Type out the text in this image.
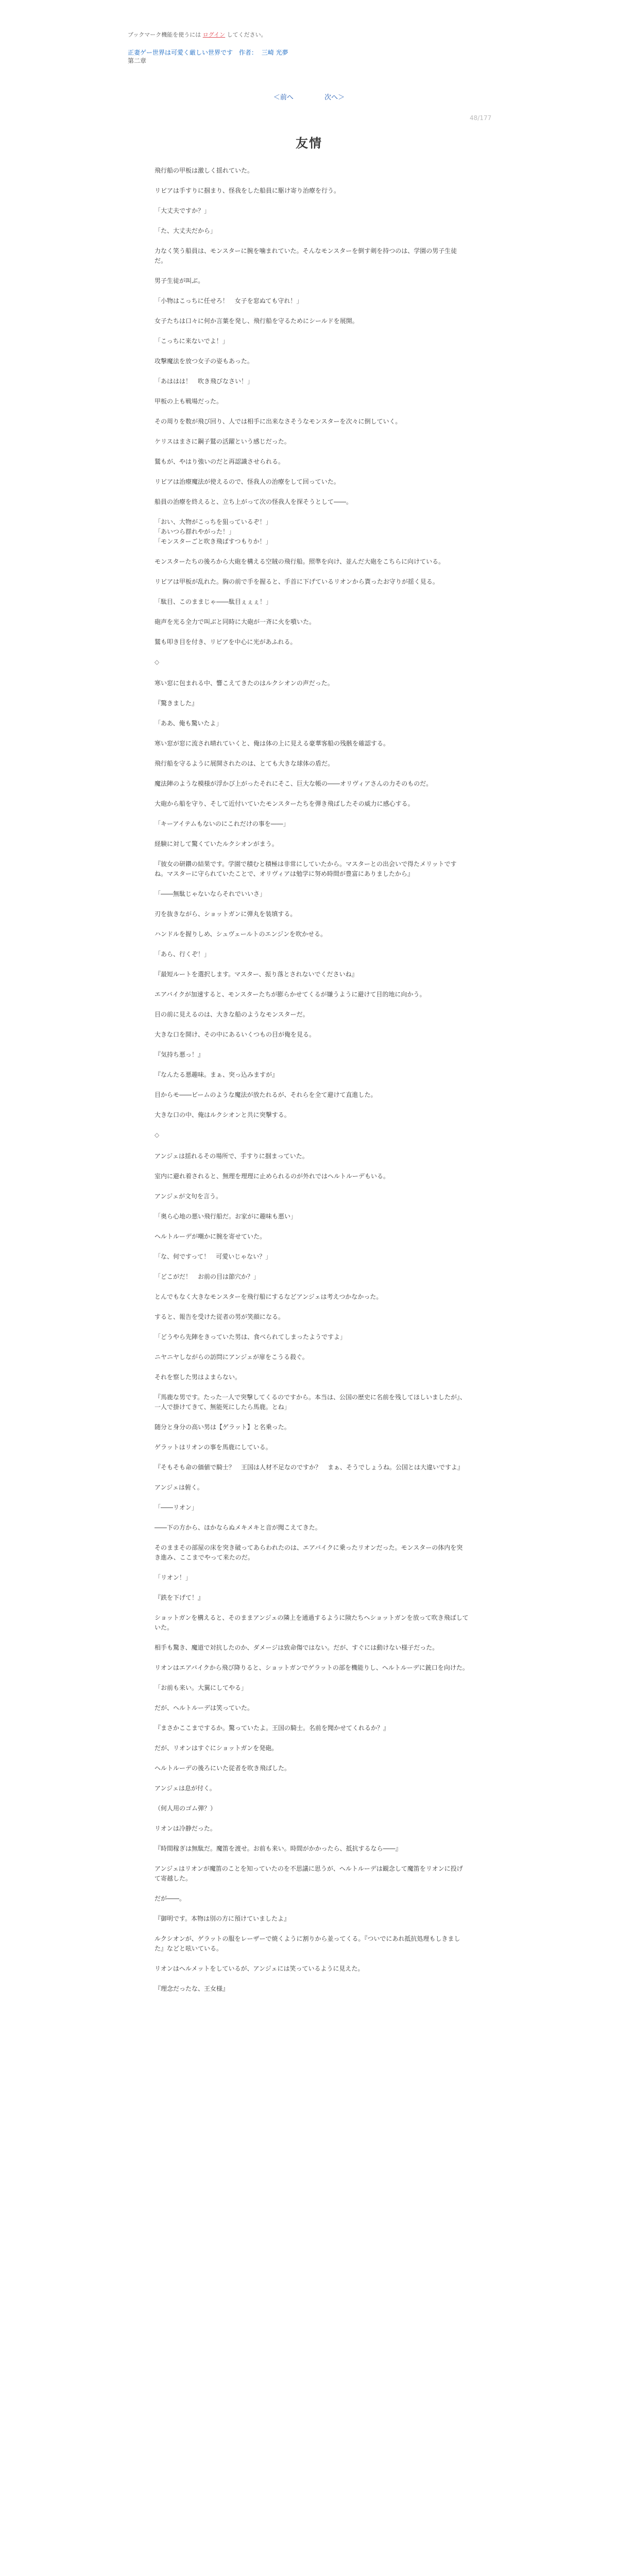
ブックマーク機能を使うには ログイン してください。
正妻ゲー世界は可愛く厳しい世界です 作者： 三崎 光夢
第二章
＜前へ	次へ＞
48/177
友情

飛行船の甲板は激しく揺れていた。

リビアは手すりに掴まり、怪我をした船員に駆け寄り治療を行う。

「大丈夫ですか？」

「た、大丈夫だから」

力なく笑う船員は、モンスターに腕を噛まれていた。そんなモンスターを倒す剣を持つのは、学園の男子生徒だ。

男子生徒が叫ぶ。

「小物はこっちに任せろ！　女子を窓ぬても守れ！」

女子たちは口々に何か言葉を発し、飛行船を守るためにシールドを展開。

「こっちに来ないでよ！」

攻撃魔法を放つ女子の姿もあった。

「あははは！　吹き飛びなさい！」

甲板の上も戦場だった。

その周りを数が飛び回り、人では相手に出来なさそうなモンスターを次々に倒していく。

ケリスはまさに鋼子鷲の活躍という感じだった。

鷲もが、やはり強いのだと再認識させられる。

リビアは治療魔法が使えるので、怪我人の治療をして回っていた。

船員の治療を終えると、立ち上がって次の怪我人を探そうとして――。

「おい、大物がこっちを狙っているぞ！」
「あいつら群れやがった！」
「モンスターごと吹き飛ばすつもりか！」

モンスターたちの後ろから大砲を構える空賊の飛行船。照準を向け、並んだ大砲をこちらに向けている。

リビアは甲板が乱れた。胸の前で手を握ると、手首に下げているリオンから貰ったお守りが揺く見る。

「駄目、このままじゃ――駄目ぇぇぇ！」

砲声を光る全力で叫ぶと同時に大砲が一斉に火を噴いた。

鷲も叩き目を付き、リビアを中心に光があふれる。

◇

寒い窓に包まれる中、響こえてきたのはルクシオンの声だった。

『驚きました』

「ああ、俺も驚いたよ」

寒い窓が窓に流され晴れていくと、俺は体の上に見える豪華客船の残骸を確認する。

飛行船を守るように展開されたのは、とても大きな球体の盾だ。

魔法陣のような模様が浮かび上がったそれにそこ、巨大な帳の――オリヴィアさんの力そのものだ。

大砲から船を守り、そして近付いていたモンスターたちを弾き飛ばしたその威力に感心する。

「キーアイテムもないのにこれだけの事を――」

経験に対して驚くていたルクシオンがまう。

『彼女の研鑽の結果です。学園で積むと積極は非常にしていたから。マスターとの出会いで得たメリットですね。マスターに守られていたことで、オリヴィアは勉学に努め時間が豊富にありましたから』

「――無駄じゃないならそれでいいさ」

刃を抜きながら、ショットガンに弾丸を装填する。

ハンドルを握りしめ、シュヴェールトのエンジンを吹かせる。

「あら、行くぞ！」

『最短ルートを選択します。マスター、振り落とされないでくださいね』

エアバイクが加速すると、モンスターたちが膨らかせてくるが嫌うように避けて目的地に向かう。

目の前に見えるのは、大きな船のようなモンスターだ。

大きな口を開け、その中にあるいくつもの目が俺を見る。

『気持ち悪っ！』

『なんたる悪趣味。まぁ、突っ込みますが』

目からモ――ビームのような魔法が放たれるが、それらを全て避けて直進した。

大きな口の中、俺はルクシオンと共に突撃する。

◇

アンジェは揺れるその場所で、手すりに掴まっていた。

室内に避れ着されると、無理を理理に止められるのが外れではヘルトルーデもいる。

アンジェが文句を言う。

「奥ら心地の悪い飛行船だ。お家がに趣味も悪い」

ヘルトルーデが嘲かに腕を寄せていた。

「な、何ですって！　可愛いじゃない？」

「どこがだ！　お前の目は節穴か？」

とんでもなく大きなモンスターを飛行船にするなどアンジェは考えつかなかった。

すると、報告を受けた従者の男が笑顔になる。

「どうやら先陣をきっていた男は、食べられてしまったようですよ」

ニヤニヤしながらの訪問にアンジェが扉をこうる殺ぐ。

それを察した男はよまらない。

『馬鹿な男です。たった一人で突撃してくるのですから。本当は、公国の歴史に名前を残してほしいましたが』、一人で掛けてきて、無能死にしたら馬鹿。とね」

随分と身分の高い男は【ゲラット】と名乗った。

ゲラットはリオンの事を馬鹿にしている。

『そもそも命の価値で騎士？　王国は人材不足なのですか？　まぁ、そうでしょうね。公国とは大違いですよ』

アンジェは俯く。

「――リオン」

――下の方から、ほかならぬメキメキと音が聞こえてきた。

そのままその部屋の床を突き破ってあらわれたのは、エアバイクに乗ったリオンだった。モンスターの体内を突き進み、ここまでやって来たのだ。

「リオン！」

『鉄を下げて！』

ショットガンを構えると、そのままアンジェの隣上を通過するように険たちヘショットガンを放って吹き飛ばしていた。

相手も驚き、魔道で対抗したのか、ダメージは致命傷ではない。だが、すぐには動けない様子だった。

リオンはエアバイクから飛び降りると、ショットガンでゲラットの部を機能りし、ヘルトルーデに銃口を向けた。

「お前も来い。大翼にしてやる」

だが、ヘルトルーデは笑っていた。

『まさかここまでするか。驚っていたよ。王国の騎士。名前を聞かせてくれるか？』

だが、リオンはすぐにショットガンを発砲。

ヘルトルーデの後ろにいた従者を吹き飛ばした。

アンジェは息が付く。

（何人用のゴム弾？）

リオンは冷静だった。

『時間稼ぎは無駄だ。魔笛を渡せ。お前も来い。時間がかかったら、抵抗するなら――』

アンジェはリオンが魔笛のことを知っていたのを不思議に思うが、ヘルトルーデは観念して魔笛をリオンに投げて寄越した。

だが――。

『御明です。本物は別の方に預けていましたよ』

ルクシオンが、ゲラットの服をレーザーで焼くように割りから並ってくる。『ついでにあれ抵抗処理もしきました』などと呟いている。

リオンはヘルメットをしているが、アンジェには笑っているように見えた。

『理念だったな、王女様』
